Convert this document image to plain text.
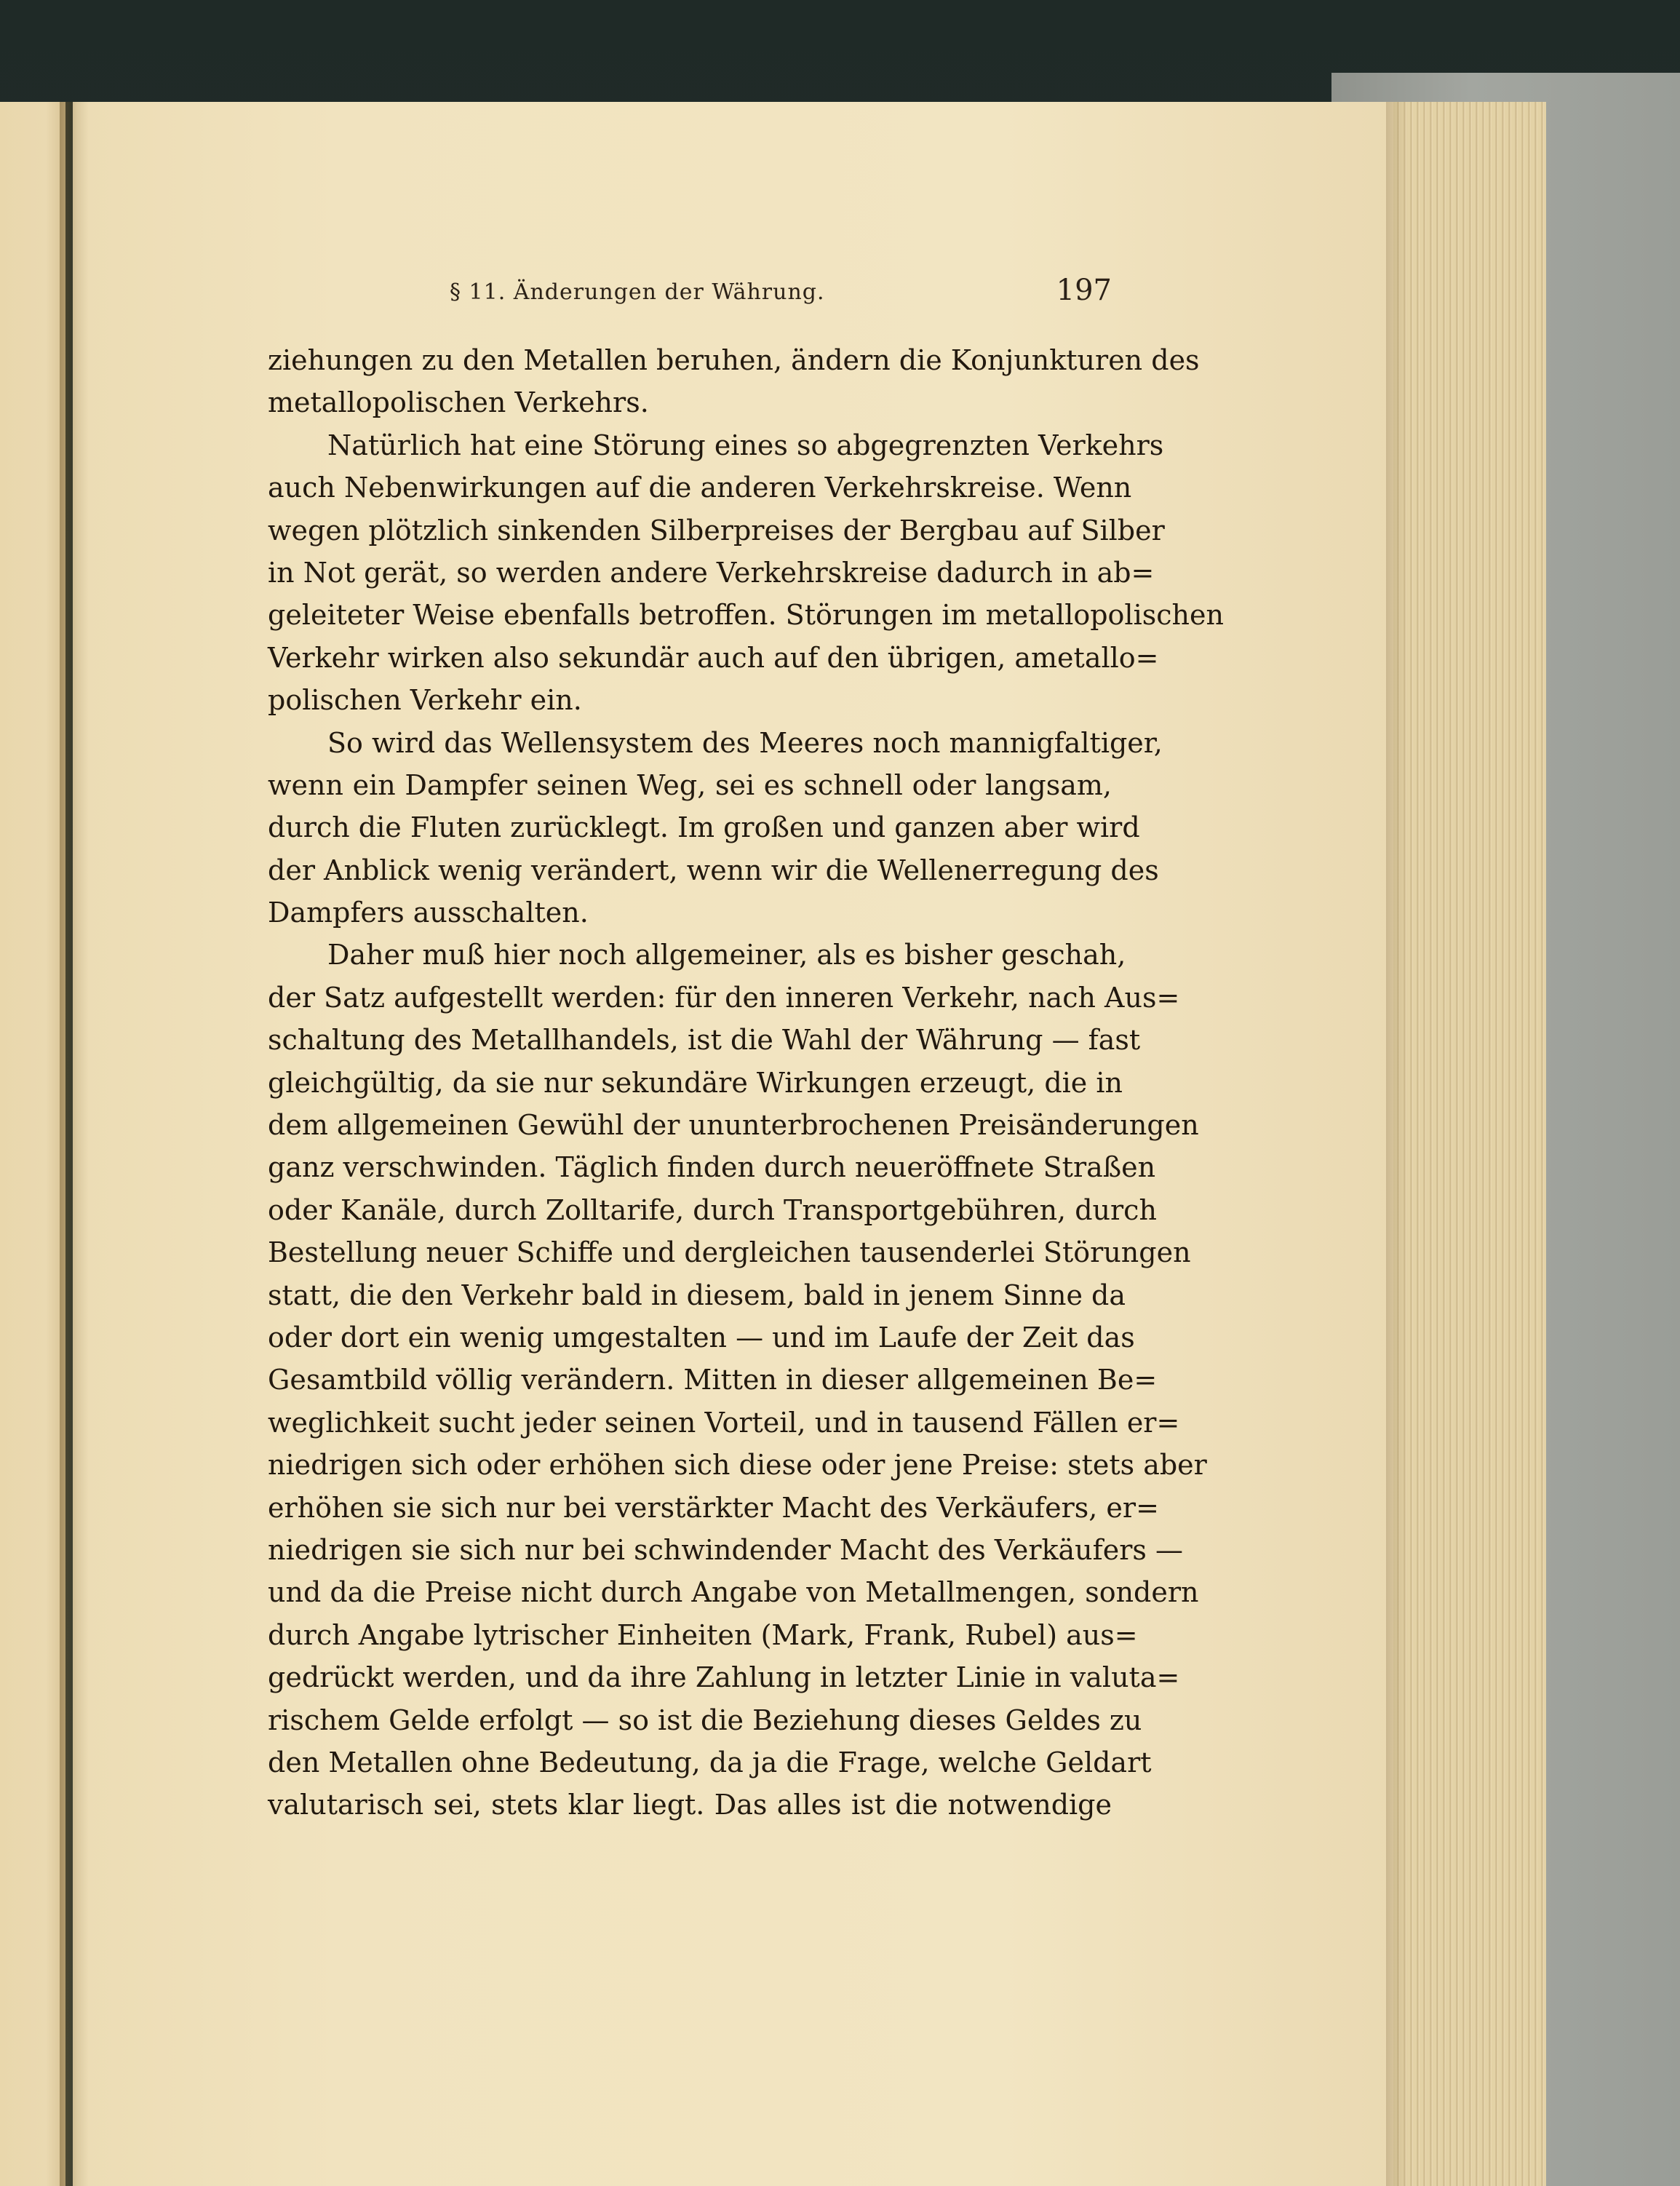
§ 11. Änderungen der Währung.	197
ziehungen zu den Metallen beruhen, ändern die Konjunkturen des
metallopolischen Verkehrs.
Natürlich hat eine Störung eines so abgegrenzten Verkehrs
auch Nebenwirkungen auf die anderen Verkehrskreise. Wenn
wegen plötzlich sinkenden Silberpreises der Bergbau auf Silber
in Not gerät, so werden andere Verkehrskreise dadurch in ab=
geleiteter Weise ebenfalls betroffen. Störungen im metallopolischen
Verkehr wirken also sekundär auch auf den übrigen, ametallo=
polischen Verkehr ein.
So wird das Wellensystem des Meeres noch mannigfaltiger,
wenn ein Dampfer seinen Weg, sei es schnell oder langsam,
durch die Fluten zurücklegt. Im großen und ganzen aber wird
der Anblick wenig verändert, wenn wir die Wellenerregung des
Dampfers ausschalten.
Daher muß hier noch allgemeiner, als es bisher geschah,
der Satz aufgestellt werden: für den inneren Verkehr, nach Aus=
schaltung des Metallhandels, ist die Wahl der Währung — fast
gleichgültig, da sie nur sekundäre Wirkungen erzeugt, die in
dem allgemeinen Gewühl der ununterbrochenen Preisänderungen
ganz verschwinden. Täglich finden durch neueröffnete Straßen
oder Kanäle, durch Zolltarife, durch Transportgebühren, durch
Bestellung neuer Schiffe und dergleichen tausenderlei Störungen
statt, die den Verkehr bald in diesem, bald in jenem Sinne da
oder dort ein wenig umgestalten — und im Laufe der Zeit das
Gesamtbild völlig verändern. Mitten in dieser allgemeinen Be=
weglichkeit sucht jeder seinen Vorteil, und in tausend Fällen er=
niedrigen sich oder erhöhen sich diese oder jene Preise: stets aber
erhöhen sie sich nur bei verstärkter Macht des Verkäufers, er=
niedrigen sie sich nur bei schwindender Macht des Verkäufers —
und da die Preise nicht durch Angabe von Metallmengen, sondern
durch Angabe lytrischer Einheiten (Mark, Frank, Rubel) aus=
gedrückt werden, und da ihre Zahlung in letzter Linie in valuta=
rischem Gelde erfolgt — so ist die Beziehung dieses Geldes zu
den Metallen ohne Bedeutung, da ja die Frage, welche Geldart
valutarisch sei, stets klar liegt. Das alles ist die notwendige
